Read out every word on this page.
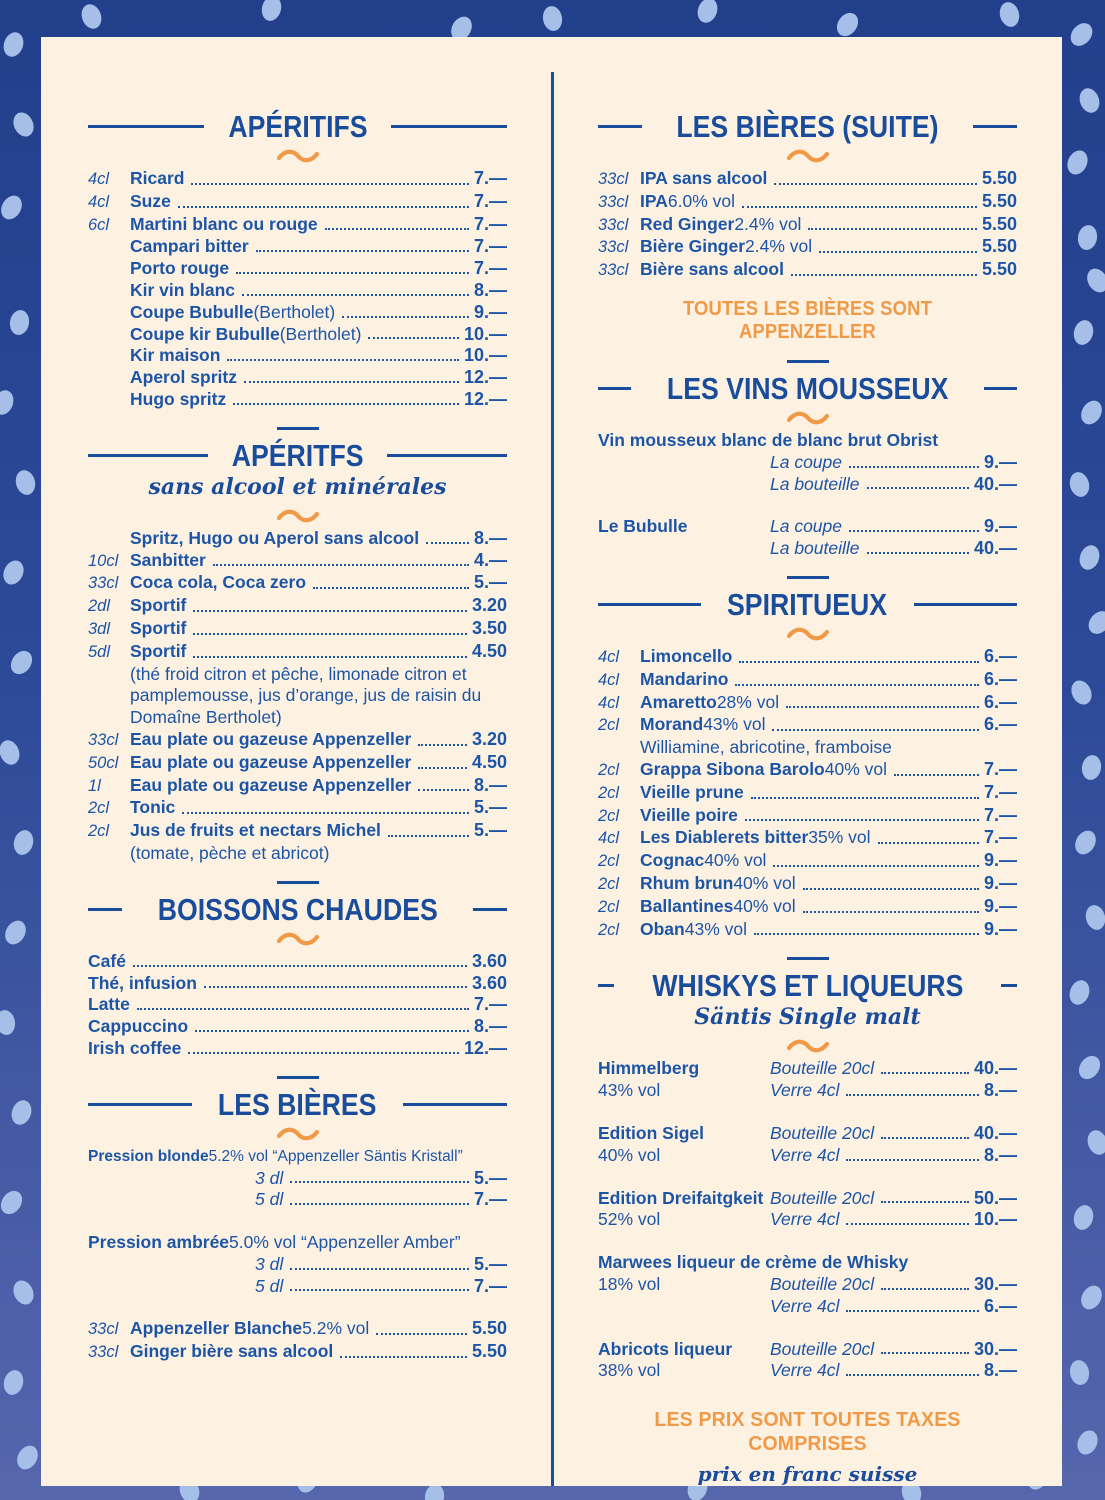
APÉRITIFS
4cl	Ricard	7.—
4cl	Suze	7.—
6cl	Martini blanc ou rouge	7.—
Campari bitter	7.—
Porto rouge	7.—
Kir vin blanc	8.—
Coupe Bubulle (Bertholet)	9.—
Coupe kir Bubulle (Bertholet)	10.—
Kir maison	10.—
Aperol spritz	12.—
Hugo spritz	12.—
APÉRITFS
sans alcool et minérales
Spritz, Hugo ou Aperol sans alcool	8.—
10cl Sanbitter	4.—
33cl Coca cola, Coca zero	5.—
2dl	Sportif	3.20
3dl	Sportif	3.50
5dl	Sportif	4.50
(thé froid citron et pêche, limonade citron et pamplemousse, jus d’orange, jus de raisin du Domaîne Bertholet)
33cl Eau plate ou gazeuse Appenzeller	3.20
50cl Eau plate ou gazeuse Appenzeller	4.50
1l	Eau plate ou gazeuse Appenzeller	8.—
2cl	Tonic	5.—
2cl	Jus de fruits et nectars Michel	5.—
(tomate, pèche et abricot)
BOISSONS CHAUDES
Café	3.60
Thé, infusion	3.60
Latte	7.—
Cappuccino	8.—
Irish coffee	12.—
LES BIÈRES
Pression blonde 5.2% vol “Appenzeller Säntis Kristall”
3 dl	5.—
5 dl	7.—
Pression ambrée 5.0% vol “Appenzeller Amber”
3 dl	5.—
5 dl	7.—
33cl Appenzeller Blanche 5.2% vol	5.50
33cl Ginger bière sans alcool	5.50
LES BIÈRES (SUITE)
33cl IPA sans alcool	5.50
33cl IPA 6.0% vol	5.50
33cl Red Ginger 2.4% vol	5.50
33cl Bière Ginger 2.4% vol	5.50
33cl Bière sans alcool	5.50
TOUTES LES BIÈRES SONT APPENZELLER
LES VINS MOUSSEUX
Vin mousseux blanc de blanc brut Obrist
La coupe	9.—
La bouteille	40.—
Le Bubulle	La coupe	9.—
La bouteille	40.—
SPIRITUEUX
4cl	Limoncello	6.—
4cl	Mandarino	6.—
4cl	Amaretto 28% vol	6.—
2cl	Morand 43% vol	6.—
Williamine, abricotine, framboise
2cl	Grappa Sibona Barolo 40% vol	7.—
2cl	Vieille prune	7.—
2cl	Vieille poire	7.—
4cl	Les Diablerets bitter 35% vol	7.—
2cl	Cognac 40% vol	9.—
2cl	Rhum brun 40% vol	9.—
2cl	Ballantines 40% vol	9.—
2cl	Oban 43% vol	9.—
WHISKYS ET LIQUEURS
Säntis Single malt
Himmelberg	Bouteille 20cl	40.—
43% vol	Verre 4cl	8.—
Edition Sigel	Bouteille 20cl	40.—
40% vol	Verre 4cl	8.—
Edition Dreifaitgkeit Bouteille 20cl	50.—
52% vol	Verre 4cl	10.—
Marwees liqueur de crème de Whisky
18% vol	Bouteille 20cl	30.—
Verre 4cl	6.—
Abricots liqueur	Bouteille 20cl	30.—
38% vol	Verre 4cl	8.—
LES PRIX SONT TOUTES TAXES COMPRISES
prix en franc suisse
